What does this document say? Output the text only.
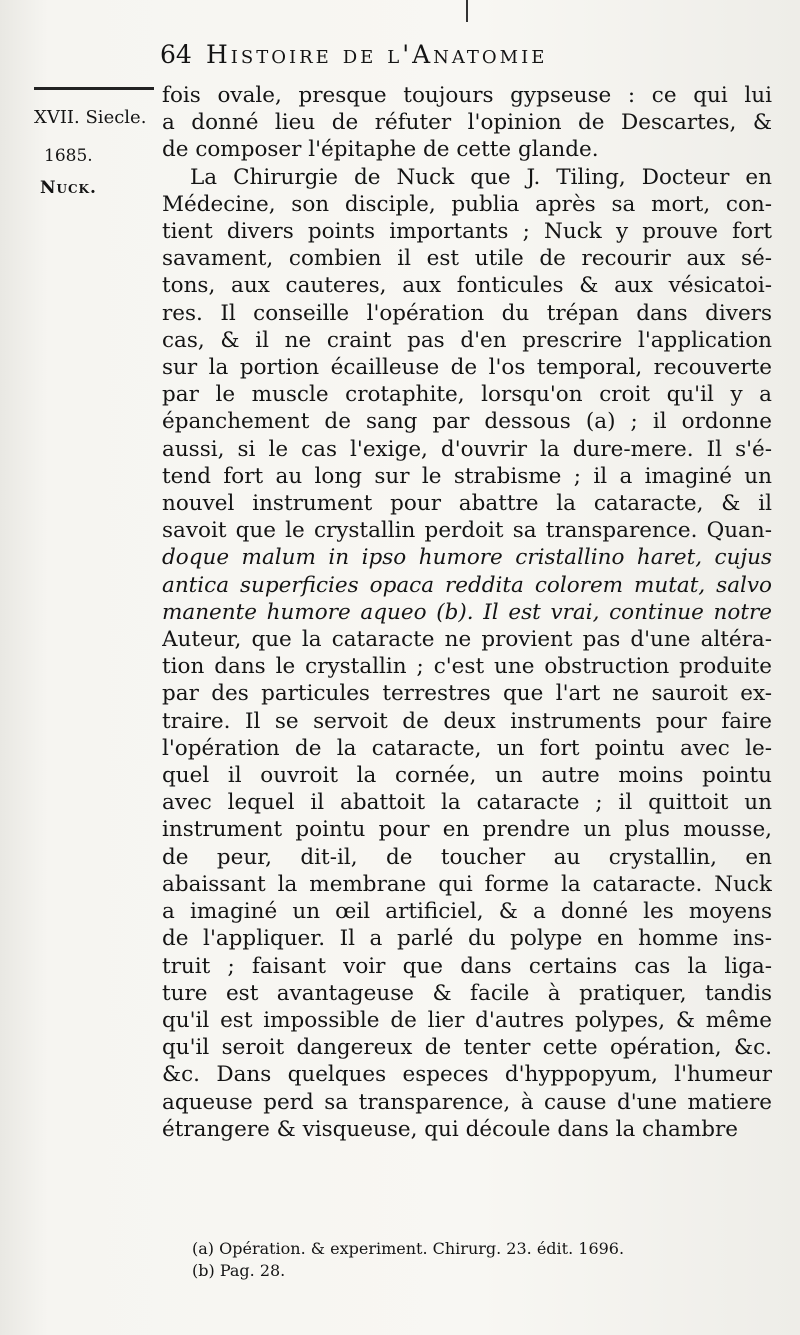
64 Histoire de l'Anatomie
XVII. Siecle.
1685.
Nuck.
fois ovale, presque toujours gypseuse : ce qui lui
a donné lieu de réfuter l'opinion de Descartes, &
de composer l'épitaphe de cette glande.
La Chirurgie de Nuck que J. Tiling, Docteur en
Médecine, son disciple, publia après sa mort, con-
tient divers points importants ; Nuck y prouve fort
savament, combien il est utile de recourir aux sé-
tons, aux cauteres, aux fonticules & aux vésicatoi-
res. Il conseille l'opération du trépan dans divers
cas, & il ne craint pas d'en prescrire l'application
sur la portion écailleuse de l'os temporal, recouverte
par le muscle crotaphite, lorsqu'on croit qu'il y a
épanchement de sang par dessous (a) ; il ordonne
aussi, si le cas l'exige, d'ouvrir la dure-mere. Il s'é-
tend fort au long sur le strabisme ; il a imaginé un
nouvel instrument pour abattre la cataracte, & il
savoit que le crystallin perdoit sa transparence. Quan-
doque malum in ipso humore cristallino haret, cujus
antica superficies opaca reddita colorem mutat, salvo
manente humore aqueo (b). Il est vrai, continue notre
Auteur, que la cataracte ne provient pas d'une altéra-
tion dans le crystallin ; c'est une obstruction produite
par des particules terrestres que l'art ne sauroit ex-
traire. Il se servoit de deux instruments pour faire
l'opération de la cataracte, un fort pointu avec le-
quel il ouvroit la cornée, un autre moins pointu
avec lequel il abattoit la cataracte ; il quittoit un
instrument pointu pour en prendre un plus mousse,
de peur, dit-il, de toucher au crystallin, en
abaissant la membrane qui forme la cataracte. Nuck
a imaginé un œil artificiel, & a donné les moyens
de l'appliquer. Il a parlé du polype en homme ins-
truit ; faisant voir que dans certains cas la liga-
ture est avantageuse & facile à pratiquer, tandis
qu'il est impossible de lier d'autres polypes, & même
qu'il seroit dangereux de tenter cette opération, &c.
&c. Dans quelques especes d'hyppopyum, l'humeur
aqueuse perd sa transparence, à cause d'une matiere
étrangere & visqueuse, qui découle dans la chambre
(a) Opération. & experiment. Chirurg. 23. édit. 1696.
(b) Pag. 28.
